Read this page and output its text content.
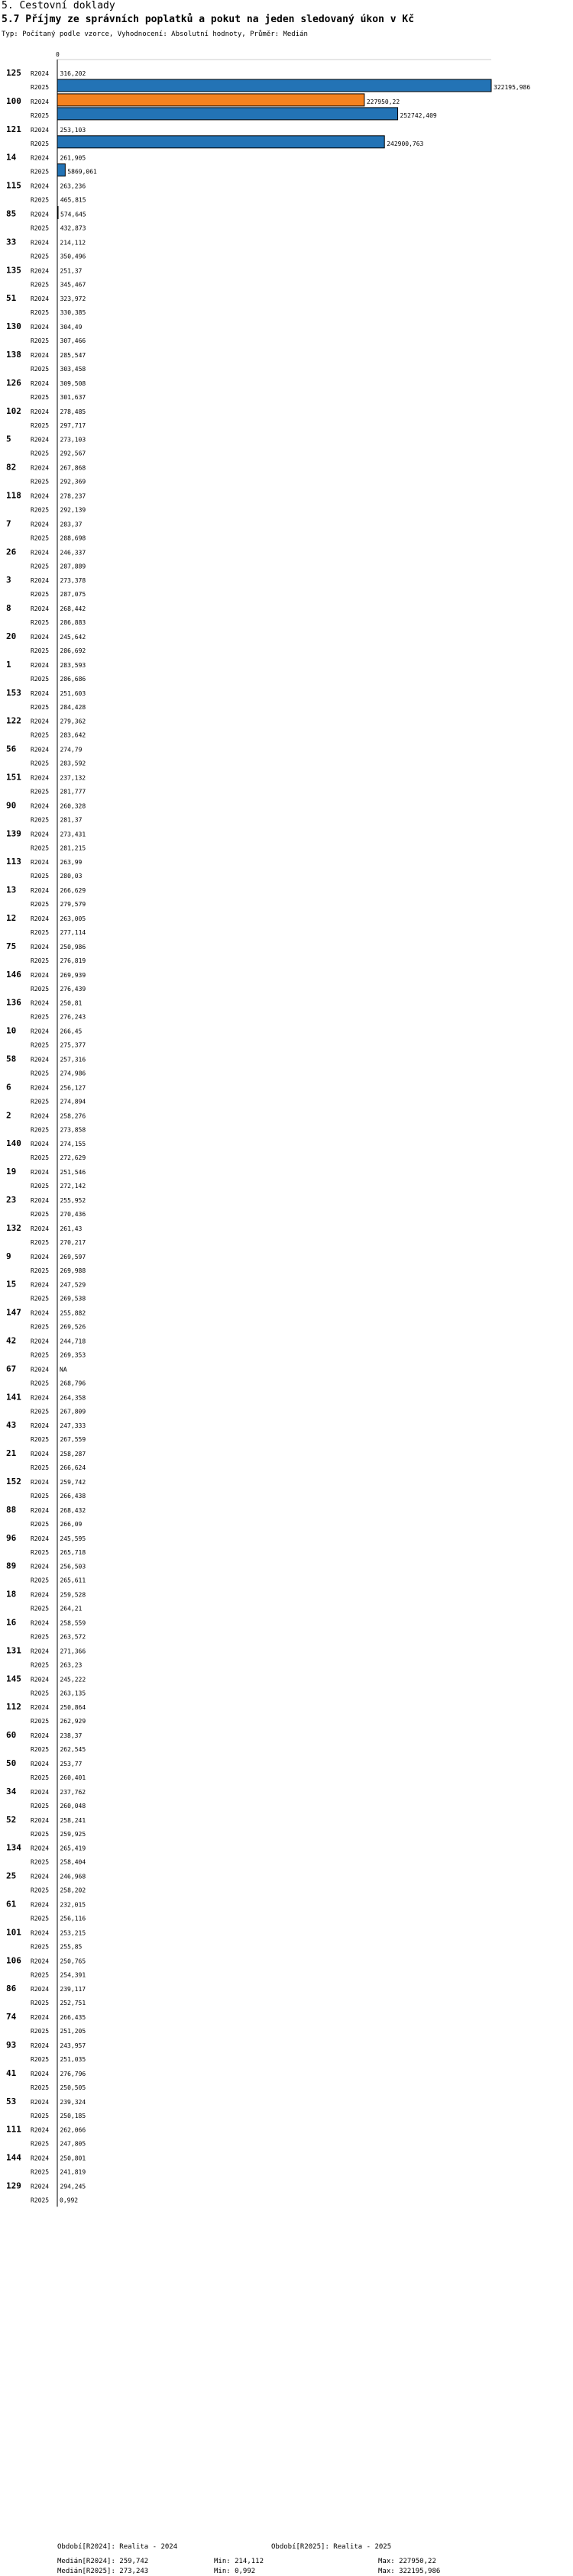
5. Cestovní doklady
5.7 Příjmy ze správních poplatků a pokut na jeden sledovaný úkon v Kč
Typ: Počítaný podle vzorce, Vyhodnocení: Absolutní hodnoty, Průměr: Medián
0
125 R2024 316,202
R2025	322195,986
100 R2024	227950,22
R2025	252742,409
121 R2024 253,103
R2025	242900,763
14 R2024 261,905
R2025	5869,061
115 R2024 263,236
R2025 465,815
85 R2024 574,645
R2025 432,873
33 R2024 214,112
R2025 350,496
135 R2024 251,37
R2025 345,467
51 R2024 323,972
R2025 330,385
130 R2024 304,49
R2025 307,466
138 R2024 285,547
R2025 303,458
126 R2024 309,508
R2025 301,637
102 R2024 278,485
R2025 297,717
5	R2024 273,103
R2025 292,567
82 R2024 267,868
R2025 292,369
118 R2024 278,237
R2025 292,139
7	R2024 283,37
R2025 288,698
26 R2024 246,337
R2025 287,889
3	R2024 273,378
R2025 287,075
8	R2024 268,442
R2025 286,883
20 R2024 245,642
R2025 286,692
1	R2024 283,593
R2025 286,686
153 R2024 251,603
R2025 284,428
122 R2024 279,362
R2025 283,642
56 R2024 274,79
R2025 283,592
151 R2024 237,132
R2025 281,777
90 R2024 260,328
R2025 281,37
139 R2024 273,431
R2025 281,215
113 R2024 263,99
R2025 280,03
13 R2024 266,629
R2025 279,579
12 R2024 263,005
R2025 277,114
75 R2024 250,986
R2025 276,819
146 R2024 269,939
R2025 276,439
136 R2024 250,81
R2025 276,243
10 R2024 266,45
R2025 275,377
58 R2024 257,316
R2025 274,986
6	R2024 256,127
R2025 274,894
2	R2024 258,276
R2025 273,858
140 R2024 274,155
R2025 272,629
19 R2024 251,546
R2025 272,142
23 R2024 255,952
R2025 270,436
132 R2024 261,43
R2025 270,217
9	R2024 269,597
R2025 269,988
15 R2024 247,529
R2025 269,538
147 R2024 255,882
R2025 269,526
42 R2024 244,718
R2025 269,353
67 R2024 NA
R2025 268,796
141 R2024 264,358
R2025 267,809
43 R2024 247,333
R2025 267,559
21 R2024 258,287
R2025 266,624
152 R2024 259,742
R2025 266,438
88 R2024 268,432
R2025 266,09
96 R2024 245,595
R2025 265,718
89 R2024 256,503
R2025 265,611
18 R2024 259,528
R2025 264,21
16 R2024 258,559
R2025 263,572
131 R2024 271,366
R2025 263,23
145 R2024 245,222
R2025 263,135
112 R2024 250,864
R2025 262,929
60 R2024 238,37
R2025 262,545
50 R2024 253,77
R2025 260,401
34 R2024 237,762
R2025 260,048
52 R2024 258,241
R2025 259,925
134 R2024 265,419
R2025 258,404
25 R2024 246,968
R2025 258,202
61 R2024 232,015
R2025 256,116
101 R2024 253,215
R2025 255,85
106 R2024 250,765
R2025 254,391
86 R2024 239,117
R2025 252,751
74 R2024 266,435
R2025 251,205
93 R2024 243,957
R2025 251,035
41 R2024 276,796
R2025 250,505
53 R2024 239,324
R2025 250,185
111 R2024 262,066
R2025 247,805
144 R2024 250,801
R2025 241,819
129 R2024 294,245
R2025 0,992
Období[R2024]: Realita - 2024	Období[R2025]: Realita - 2025
Medián[R2024]: 259,742	Min: 214,112	Max: 227950,22
Medián[R2025]: 273,243	Min: 0,992	Max: 322195,986
